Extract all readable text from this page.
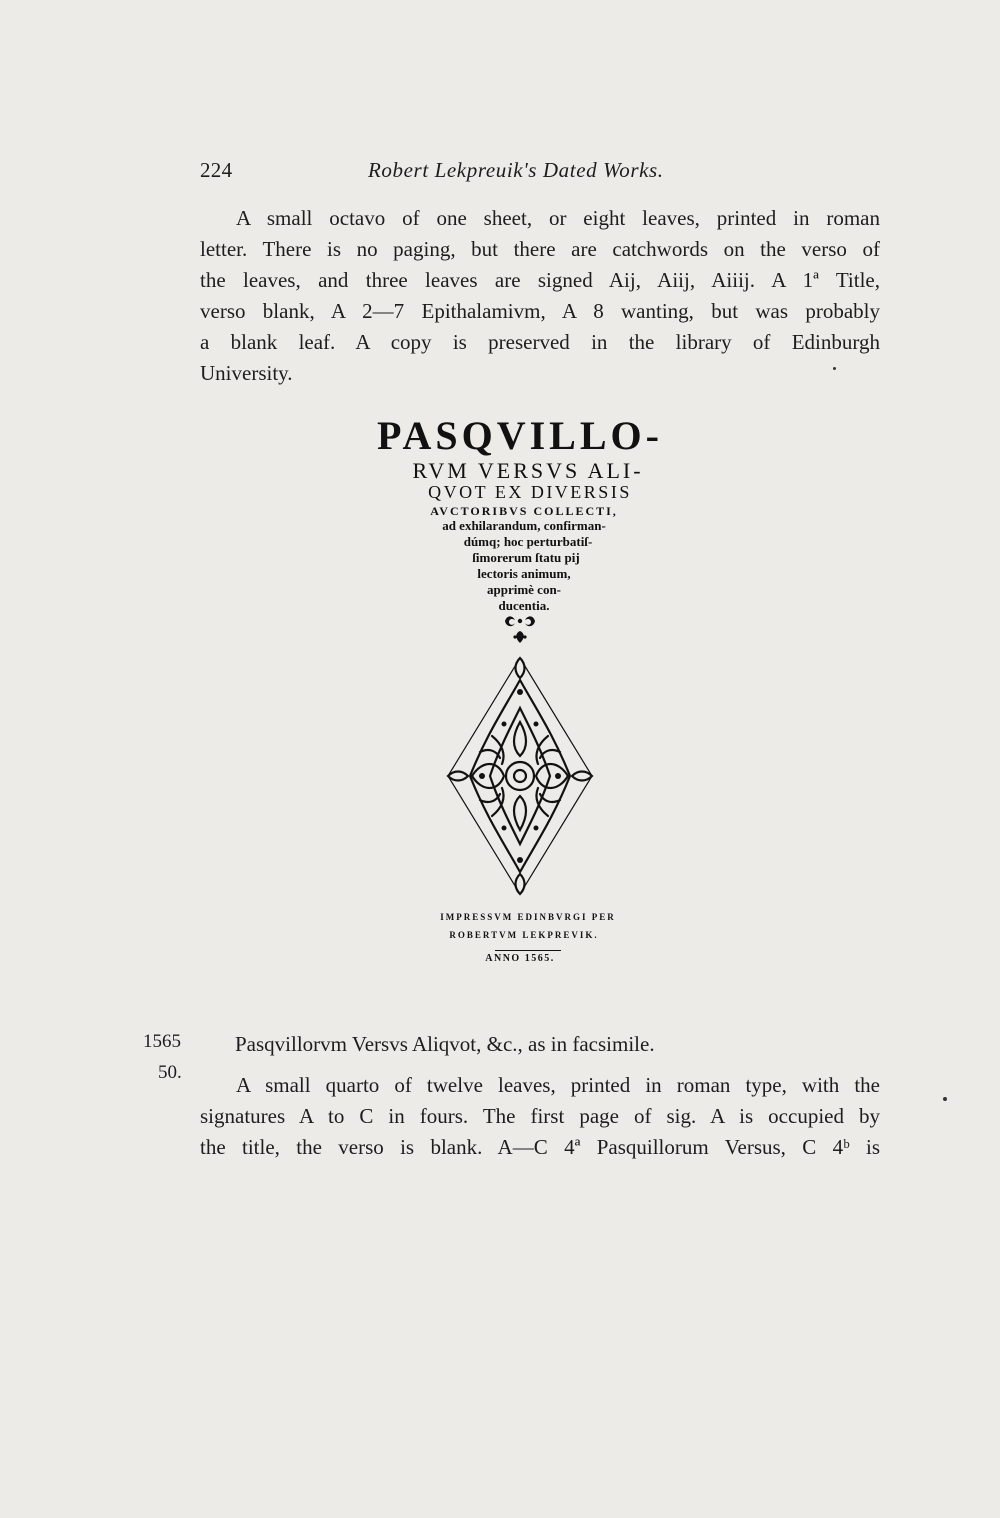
224	Robert Lekpreuik's Dated Works.
A small octavo of one sheet, or eight leaves, printed in roman
letter. There is no paging, but there are catchwords on the verso of
the leaves, and three leaves are signed Aij, Aiij, Aiiij. A 1ª Title,
verso blank, A 2—7 Epithalamivm, A 8 wanting, but was probably
a blank leaf. A copy is preserved in the library of Edinburgh
University.
PASQVILLO-
RVM VERSVS ALI-
QVOT EX DIVERSIS
AVCTORIBVS COLLECTI,
ad exhilarandum, confirman-
dúmq; hoc perturbatiſ-
ſimorerum ſtatu pij
lectoris animum,
apprimè con-
ducentia.
IMPRESSVM EDINBVRGI PER
ROBERTVM LEKPREVIK.
ANNO 1565.
1565
50.
Pasqvillorvm Versvs Aliqvot, &c., as in facsimile.
A small quarto of twelve leaves, printed in roman type, with the
signatures A to C in fours. The first page of sig. A is occupied by
the title, the verso is blank. A—C 4ª Pasquillorum Versus, C 4ᵇ is
